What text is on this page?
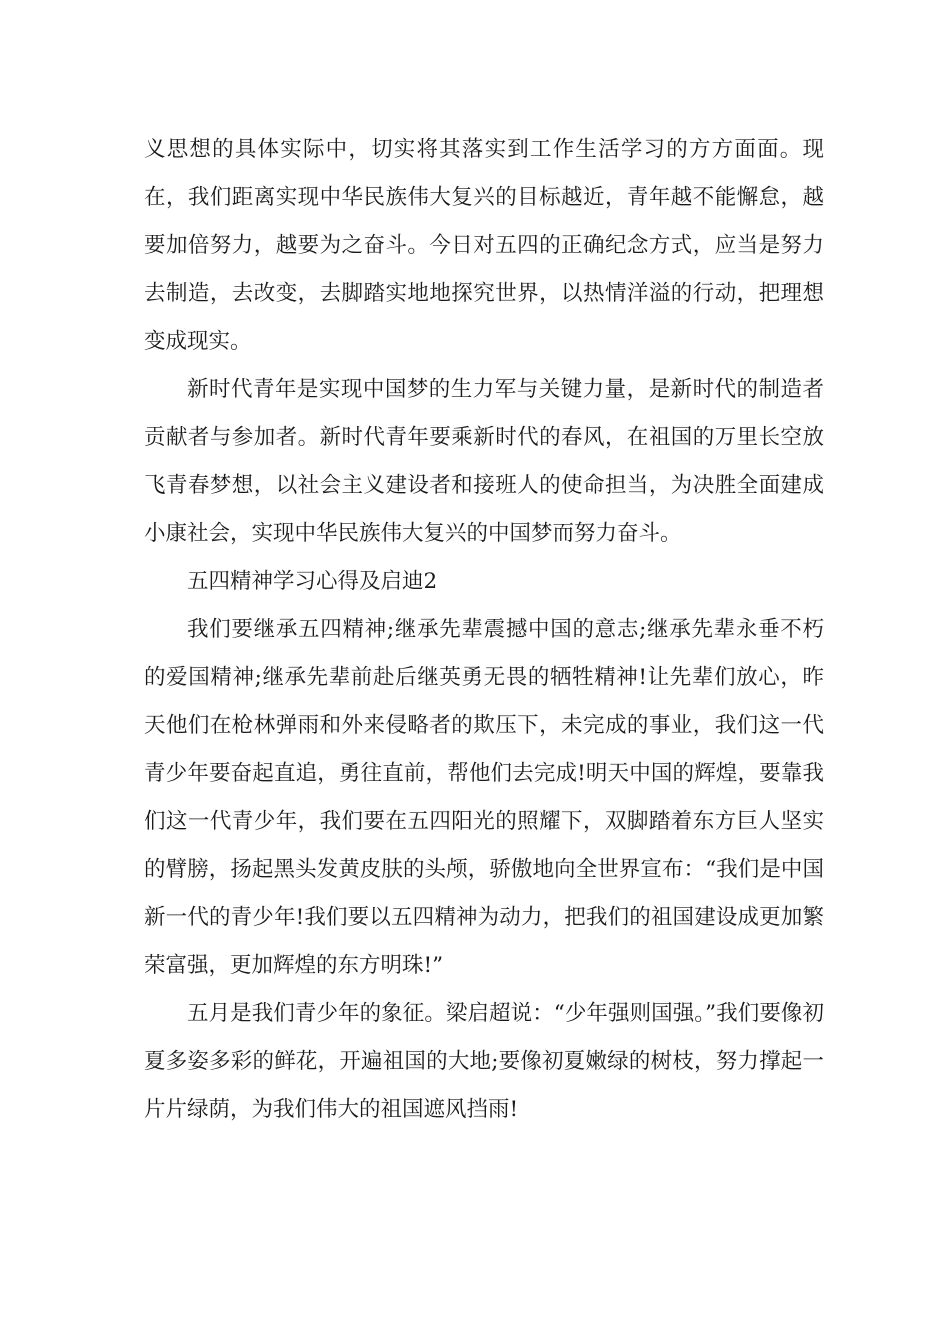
义思想的具体实际中，切实将其落实到工作生活学习的方方面面。现在，我们距离实现中华民族伟大复兴的目标越近，青年越不能懈怠，越要加倍努力，越要为之奋斗。今日对五四的正确纪念方式，应当是努力去制造，去改变，去脚踏实地地探究世界，以热情洋溢的行动，把理想变成现实。

新时代青年是实现中国梦的生力军与关键力量，是新时代的制造者贡献者与参加者。新时代青年要乘新时代的春风，在祖国的万里长空放飞青春梦想，以社会主义建设者和接班人的使命担当，为决胜全面建成小康社会，实现中华民族伟大复兴的中国梦而努力奋斗。

五四精神学习心得及启迪2

我们要继承五四精神;继承先辈震撼中国的意志;继承先辈永垂不朽的爱国精神;继承先辈前赴后继英勇无畏的牺牲精神!让先辈们放心，昨天他们在枪林弹雨和外来侵略者的欺压下，未完成的事业，我们这一代青少年要奋起直追，勇往直前，帮他们去完成!明天中国的辉煌，要靠我们这一代青少年，我们要在五四阳光的照耀下，双脚踏着东方巨人坚实的臂膀，扬起黑头发黄皮肤的头颅，骄傲地向全世界宣布：“我们是中国新一代的青少年!我们要以五四精神为动力，把我们的祖国建设成更加繁荣富强，更加辉煌的东方明珠!”

五月是我们青少年的象征。梁启超说：“少年强则国强。”我们要像初夏多姿多彩的鲜花，开遍祖国的大地;要像初夏嫩绿的树枝，努力撑起一片片绿荫，为我们伟大的祖国遮风挡雨!
